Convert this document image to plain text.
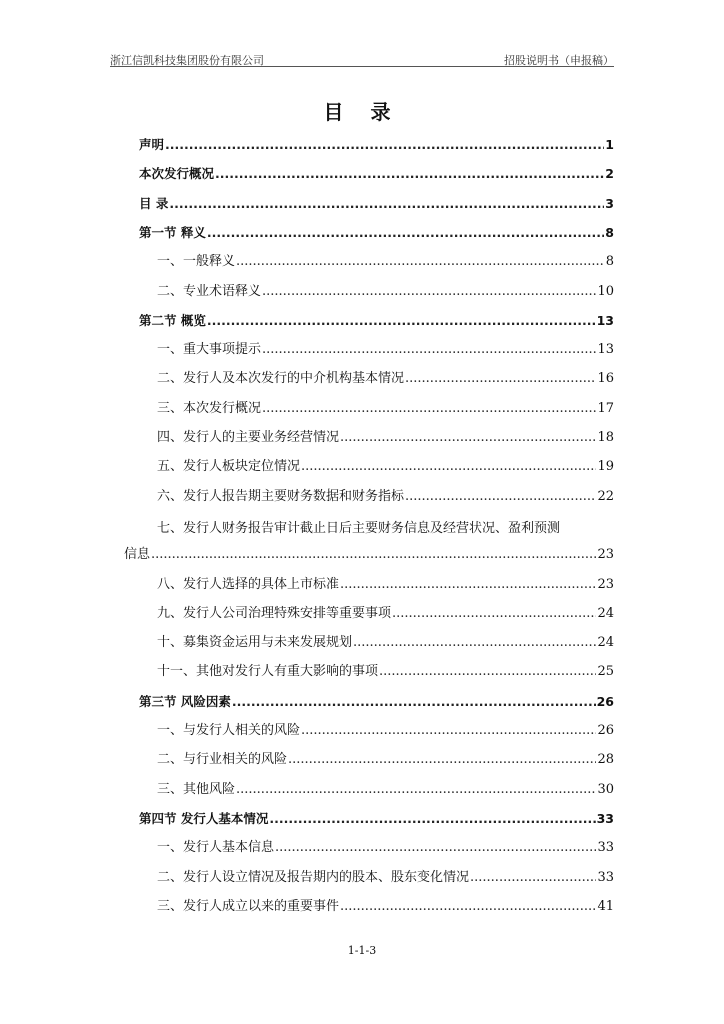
浙江信凯科技集团股份有限公司	招股说明书（申报稿）
目 录
声明 .....	1
本次发行概况 .....	2
目 录 .....	3
第一节 释义 .....	8
一、一般释义 .....	8
二、专业术语释义 .....	10
第二节 概览 .....	13
一、重大事项提示 .....	13
二、发行人及本次发行的中介机构基本情况 .....	16
三、本次发行概况 .....	17
四、发行人的主要业务经营情况 .....	18
五、发行人板块定位情况 .....	19
六、发行人报告期主要财务数据和财务指标 .....	22
七、发行人财务报告审计截止日后主要财务信息及经营状况、盈利预测
信息 .....	23
八、发行人选择的具体上市标准 .....	23
九、发行人公司治理特殊安排等重要事项 .....	24
十、募集资金运用与未来发展规划 .....	24
十一、其他对发行人有重大影响的事项 .....	25
第三节 风险因素 .....	26
一、与发行人相关的风险 .....	26
二、与行业相关的风险 .....	28
三、其他风险 .....	30
第四节 发行人基本情况 .....	33
一、发行人基本信息 .....	33
二、发行人设立情况及报告期内的股本、股东变化情况 .....	33
三、发行人成立以来的重要事件 .....	41
1-1-3
